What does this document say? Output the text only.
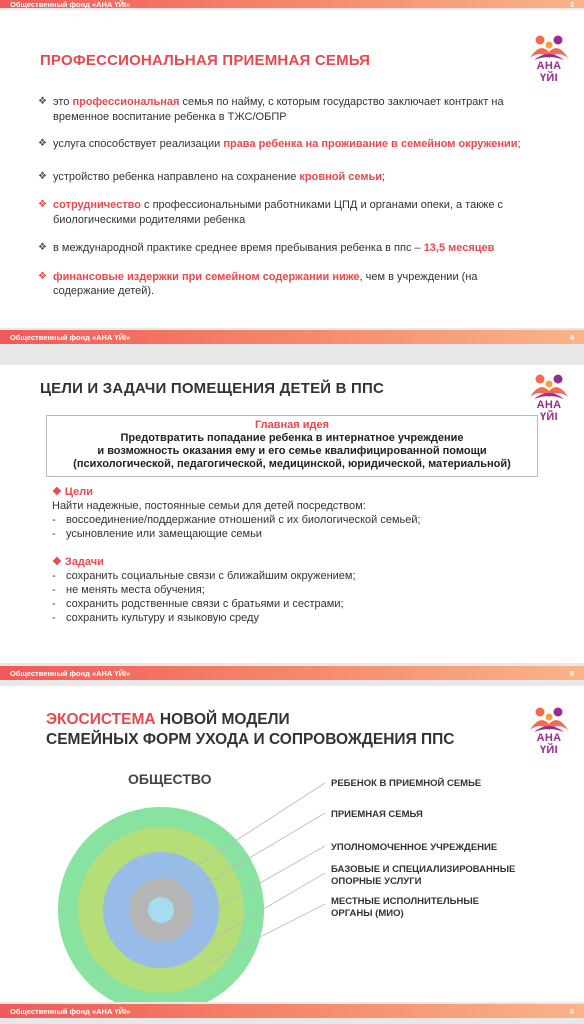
Общественный фонд «АНА ҮЙІ»	3
АНА ҮЙІ
ПРОФЕССИОНАЛЬНАЯ ПРИЕМНАЯ СЕМЬЯ
❖ это профессиональная семья по найму, с которым государство заключает контракт на временное воспитание ребенка в ТЖС/ОБПР
❖ услуга способствует реализации права ребенка на проживание в семейном окружении;
❖ устройство ребенка направлено на сохранение кровной семьи;
❖ сотрудничество с профессиональными работниками ЦПД и органами опеки, а также с биологическими родителями ребенка
❖ в международной практике среднее время пребывания ребенка в ппс – 13,5 месяцев
❖ финансовые издержки при семейном содержании ниже, чем в учреждении (на содержание детей).
Общественный фонд «АНА ҮЙІ»	4
АНА ҮЙІ
ЦЕЛИ И ЗАДАЧИ ПОМЕЩЕНИЯ ДЕТЕЙ В ППС
Главная идея
Предотвратить попадание ребенка в интернатное учреждение
и возможность оказания ему и его семье квалифицированной помощи
(психологической, педагогической, медицинской, юридической, материальной)
❖ Цели
Найти надежные, постоянные семьи для детей посредством:
- воссоединение/поддержание отношений с их биологической семьей;
- усыновление или замещающие семьи
❖ Задачи
- сохранить социальные связи с ближайшим окружением;
- не менять места обучения;
- сохранить родственные связи с братьями и сестрами;
- сохранить культуру и языковую среду
Общественный фонд «АНА ҮЙІ»	5
АНА ҮЙІ
ЭКОСИСТЕМА НОВОЙ МОДЕЛИ
СЕМЕЙНЫХ ФОРМ УХОДА И СОПРОВОЖДЕНИЯ ППС
ОБЩЕСТВО	РЕБЕНОК В ПРИЕМНОЙ СЕМЬЕ
ПРИЕМНАЯ СЕМЬЯ
УПОЛНОМОЧЕННОЕ УЧРЕЖДЕНИЕ
БАЗОВЫЕ И СПЕЦИАЛИЗИРОВАННЫЕ
ОПОРНЫЕ УСЛУГИ
МЕСТНЫЕ ИСПОЛНИТЕЛЬНЫЕ
ОРГАНЫ (МИО)
Общественный фонд «АНА ҮЙІ»	6
